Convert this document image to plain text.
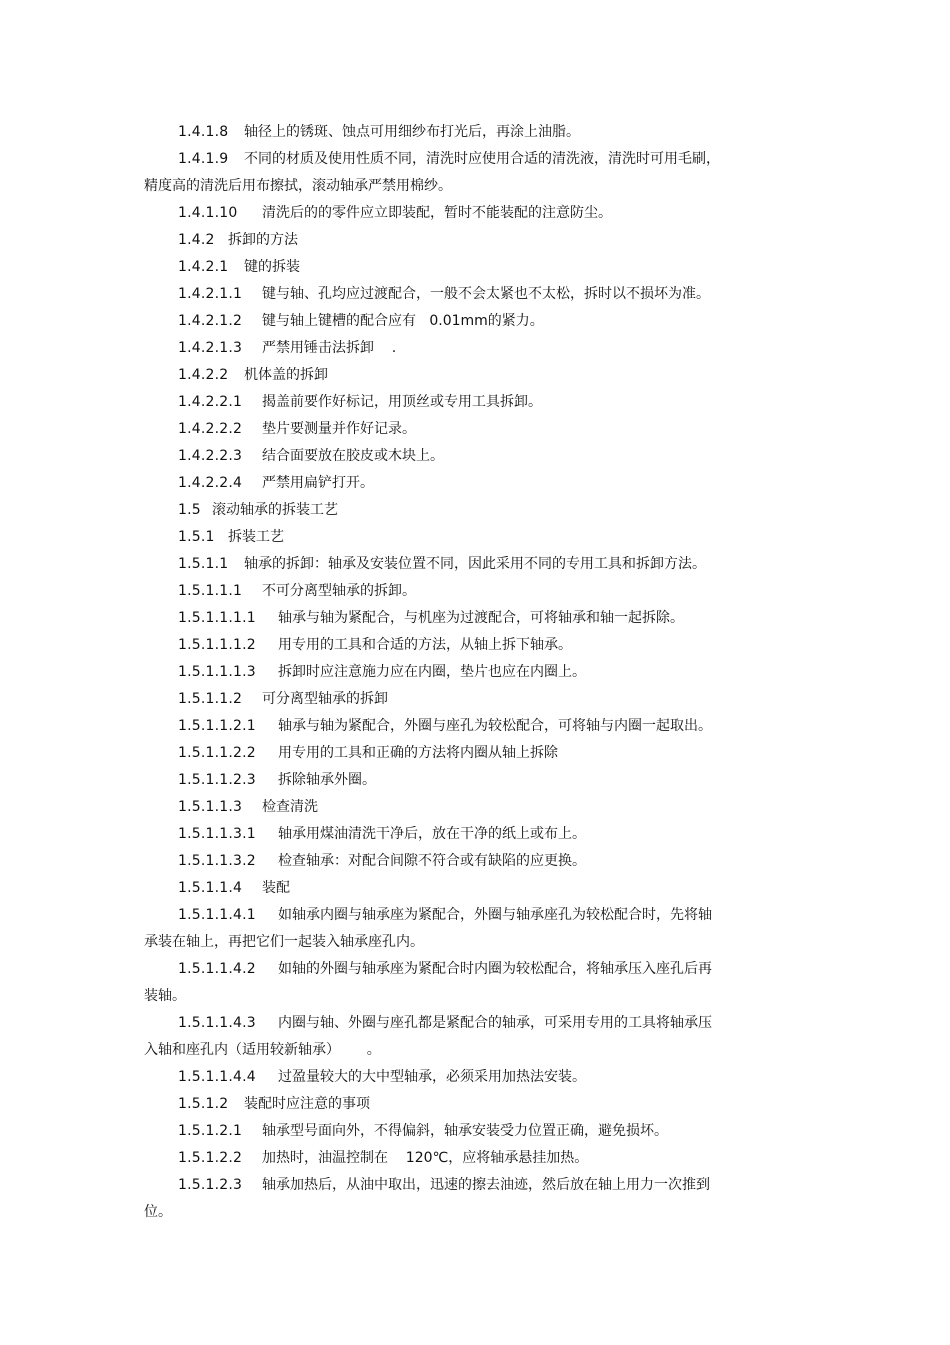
1.4.1.8 轴径上的锈斑、蚀点可用细纱布打光后，再涂上油脂。
1.4.1.9 不同的材质及使用性质不同，清洗时应使用合适的清洗液，清洗时可用毛刷，
精度高的清洗后用布擦拭，滚动轴承严禁用棉纱。
1.4.1.10 清洗后的的零件应立即装配，暂时不能装配的注意防尘。
1.4.2 拆卸的方法
1.4.2.1 键的拆装
1.4.2.1.1 键与轴、孔均应过渡配合，一般不会太紧也不太松，拆时以不损坏为准。
1.4.2.1.2 键与轴上键槽的配合应有   0.01mm的紧力。
1.4.2.1.3 严禁用锤击法拆卸    .
1.4.2.2 机体盖的拆卸
1.4.2.2.1 揭盖前要作好标记，用顶丝或专用工具拆卸。
1.4.2.2.2 垫片要测量并作好记录。
1.4.2.2.3 结合面要放在胶皮或木块上。
1.4.2.2.4 严禁用扁铲打开。
1.5 滚动轴承的拆装工艺
1.5.1 拆装工艺
1.5.1.1 轴承的拆卸：轴承及安装位置不同，因此采用不同的专用工具和拆卸方法。
1.5.1.1.1 不可分离型轴承的拆卸。
1.5.1.1.1.1 轴承与轴为紧配合，与机座为过渡配合，可将轴承和轴一起拆除。
1.5.1.1.1.2 用专用的工具和合适的方法，从轴上拆下轴承。
1.5.1.1.1.3 拆卸时应注意施力应在内圈，垫片也应在内圈上。
1.5.1.1.2 可分离型轴承的拆卸
1.5.1.1.2.1 轴承与轴为紧配合，外圈与座孔为较松配合，可将轴与内圈一起取出。
1.5.1.1.2.2 用专用的工具和正确的方法将内圈从轴上拆除
1.5.1.1.2.3 拆除轴承外圈。
1.5.1.1.3 检查清洗
1.5.1.1.3.1 轴承用煤油清洗干净后，放在干净的纸上或布上。
1.5.1.1.3.2 检查轴承：对配合间隙不符合或有缺陷的应更换。
1.5.1.1.4 装配
1.5.1.1.4.1 如轴承内圈与轴承座为紧配合，外圈与轴承座孔为较松配合时，先将轴
承装在轴上，再把它们一起装入轴承座孔内。
1.5.1.1.4.2 如轴的外圈与轴承座为紧配合时内圈为较松配合，将轴承压入座孔后再
装轴。
1.5.1.1.4.3 内圈与轴、外圈与座孔都是紧配合的轴承，可采用专用的工具将轴承压
入轴和座孔内（适用较新轴承）      。
1.5.1.1.4.4 过盈量较大的大中型轴承，必须采用加热法安装。
1.5.1.2 装配时应注意的事项
1.5.1.2.1 轴承型号面向外，不得偏斜，轴承安装受力位置正确，避免损坏。
1.5.1.2.2 加热时，油温控制在    120℃，应将轴承悬挂加热。
1.5.1.2.3 轴承加热后，从油中取出，迅速的擦去油迹，然后放在轴上用力一次推到
位。
